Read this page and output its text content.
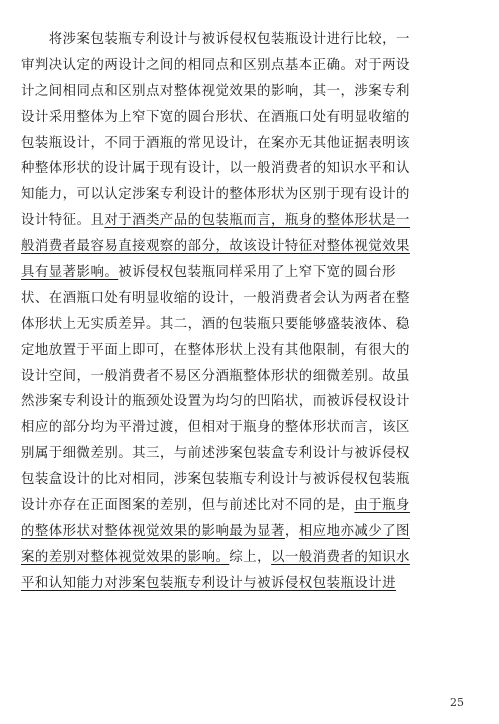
　　将涉案包装瓶专利设计与被诉侵权包装瓶设计进行比较，一
审判决认定的两设计之间的相同点和区别点基本正确。对于两设
计之间相同点和区别点对整体视觉效果的影响，其一，涉案专利
设计采用整体为上窄下宽的圆台形状、在酒瓶口处有明显收缩的
包装瓶设计，不同于酒瓶的常见设计，在案亦无其他证据表明该
种整体形状的设计属于现有设计，以一般消费者的知识水平和认
知能力，可以认定涉案专利设计的整体形状为区别于现有设计的
设计特征。且对于酒类产品的包装瓶而言，瓶身的整体形状是一
般消费者最容易直接观察的部分，故该设计特征对整体视觉效果
具有显著影响。被诉侵权包装瓶同样采用了上窄下宽的圆台形
状、在酒瓶口处有明显收缩的设计，一般消费者会认为两者在整
体形状上无实质差异。其二，酒的包装瓶只要能够盛装液体、稳
定地放置于平面上即可，在整体形状上没有其他限制，有很大的
设计空间，一般消费者不易区分酒瓶整体形状的细微差别。故虽
然涉案专利设计的瓶颈处设置为均匀的凹陷状，而被诉侵权设计
相应的部分均为平滑过渡，但相对于瓶身的整体形状而言，该区
别属于细微差别。其三，与前述涉案包装盒专利设计与被诉侵权
包装盒设计的比对相同，涉案包装瓶专利设计与被诉侵权包装瓶
设计亦存在正面图案的差别，但与前述比对不同的是，由于瓶身
的整体形状对整体视觉效果的影响最为显著，相应地亦减少了图
案的差别对整体视觉效果的影响。综上，以一般消费者的知识水
平和认知能力对涉案包装瓶专利设计与被诉侵权包装瓶设计进
25
